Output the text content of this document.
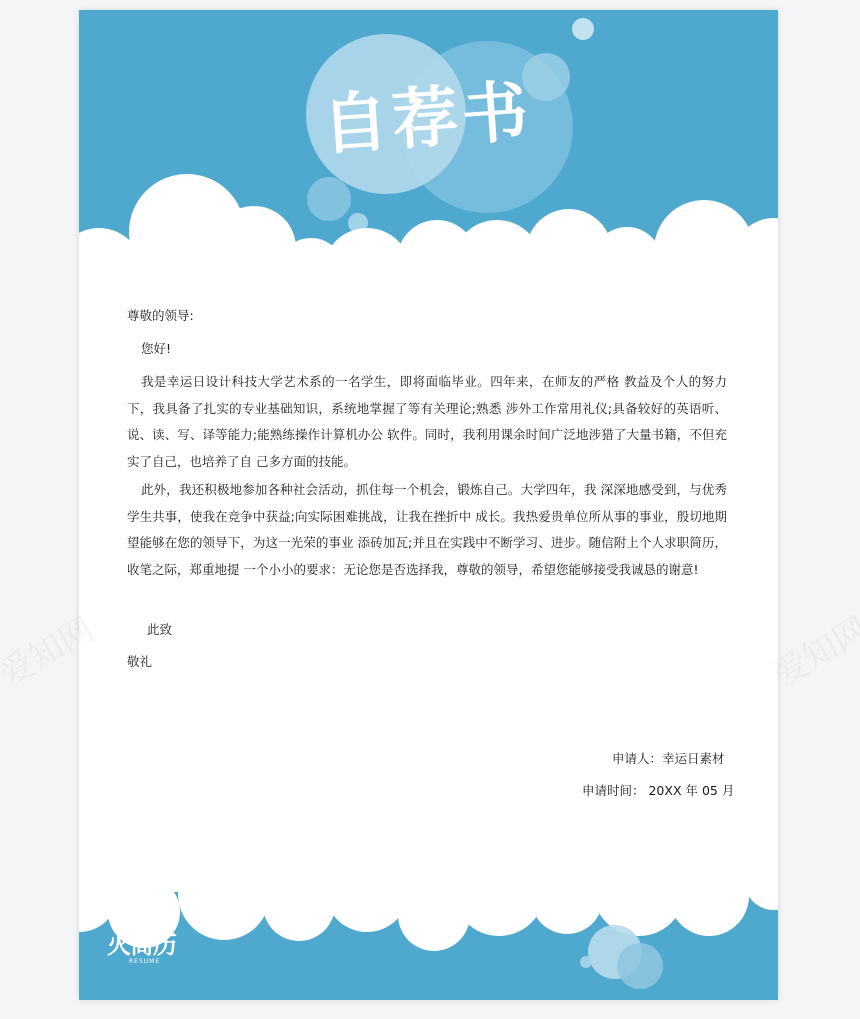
自荐书
尊敬的领导:
您好!
我是幸运日设计科技大学艺术系的一名学生，即将面临毕业。四年来，在师友的严格 教益及个人的努力下，我具备了扎实的专业基础知识，系统地掌握了等有关理论;熟悉 涉外工作常用礼仪;具备较好的英语听、说、读、写、译等能力;能熟练操作计算机办公 软件。同时，我利用课余时间广泛地涉猎了大量书籍，不但充实了自己，也培养了自 己多方面的技能。
此外，我还积极地参加各种社会活动，抓住每一个机会，锻炼自己。大学四年，我 深深地感受到，与优秀学生共事，使我在竞争中获益;向实际困难挑战，让我在挫折中 成长。我热爱贵单位所从事的事业，殷切地期望能够在您的领导下，为这一光荣的事业 添砖加瓦;并且在实践中不断学习、进步。随信附上个人求职简历，收笔之际，郑重地提 一个小小的要求：无论您是否选择我，尊敬的领导，希望您能够接受我诚恳的谢意!
此致
敬礼
申请人：幸运日素材
申请时间： 20XX 年 05 月
火简历
RESUME
